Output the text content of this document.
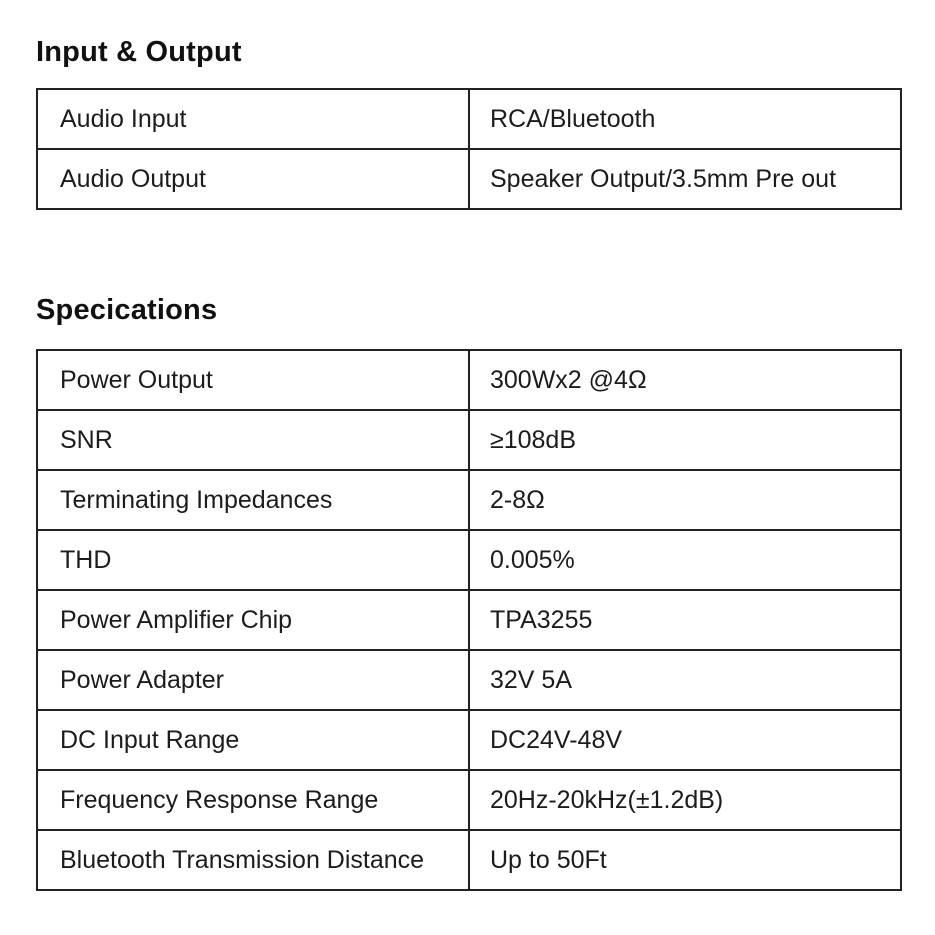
Input & Output
Audio Input	RCA/Bluetooth
Audio Output	Speaker Output/3.5mm Pre out
Specications
Power Output	300Wx2 @4Ω
SNR	≥108dB
Terminating Impedances	2-8Ω
THD	0.005%
Power Amplifier Chip	TPA3255
Power Adapter	32V 5A
DC Input Range	DC24V-48V
Frequency Response Range	20Hz-20kHz(±1.2dB)
Bluetooth Transmission Distance	Up to 50Ft
